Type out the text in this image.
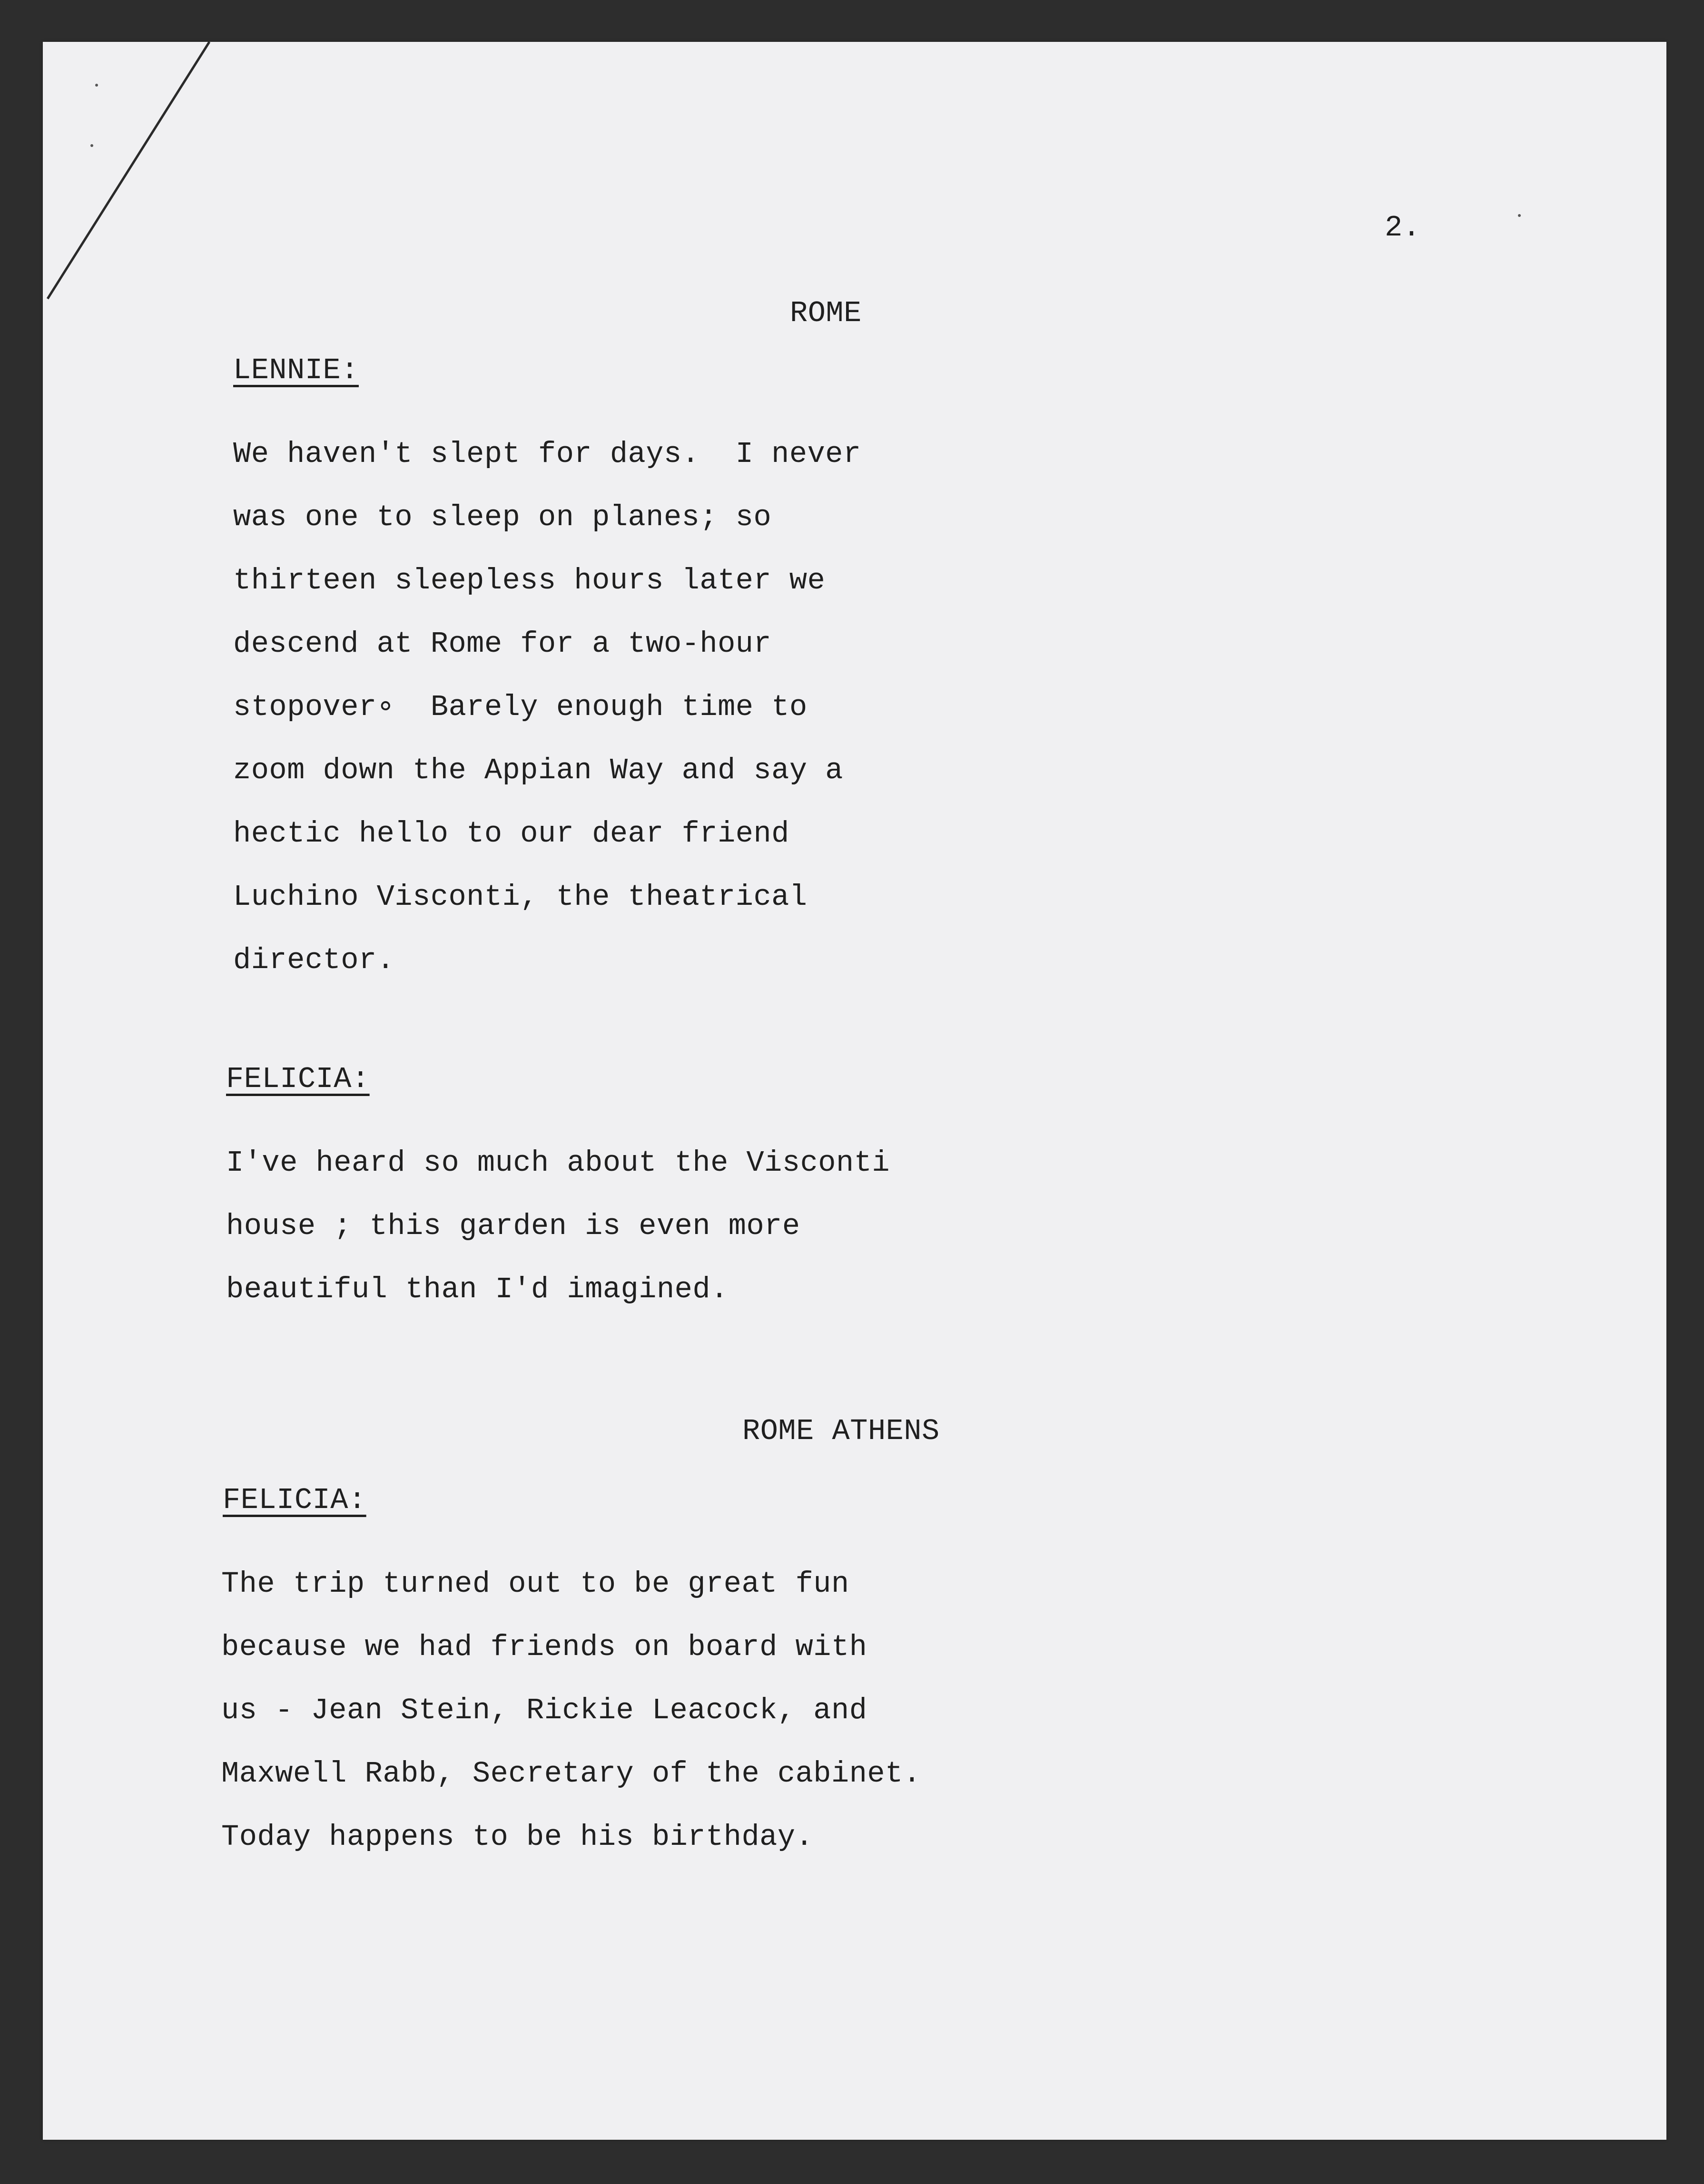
2.
ROME
LENNIE:
We haven't slept for days.  I never
was one to sleep on planes; so
thirteen sleepless hours later we
descend at Rome for a two-hour
stopover∘  Barely enough time to
zoom down the Appian Way and say a
hectic hello to our dear friend
Luchino Visconti, the theatrical
director.
FELICIA:
I've heard so much about the Visconti
house ; this garden is even more
beautiful than I'd imagined.
ROME ATHENS
FELICIA:
The trip turned out to be great fun
because we had friends on board with
us - Jean Stein, Rickie Leacock, and
Maxwell Rabb, Secretary of the cabinet.
Today happens to be his birthday.
